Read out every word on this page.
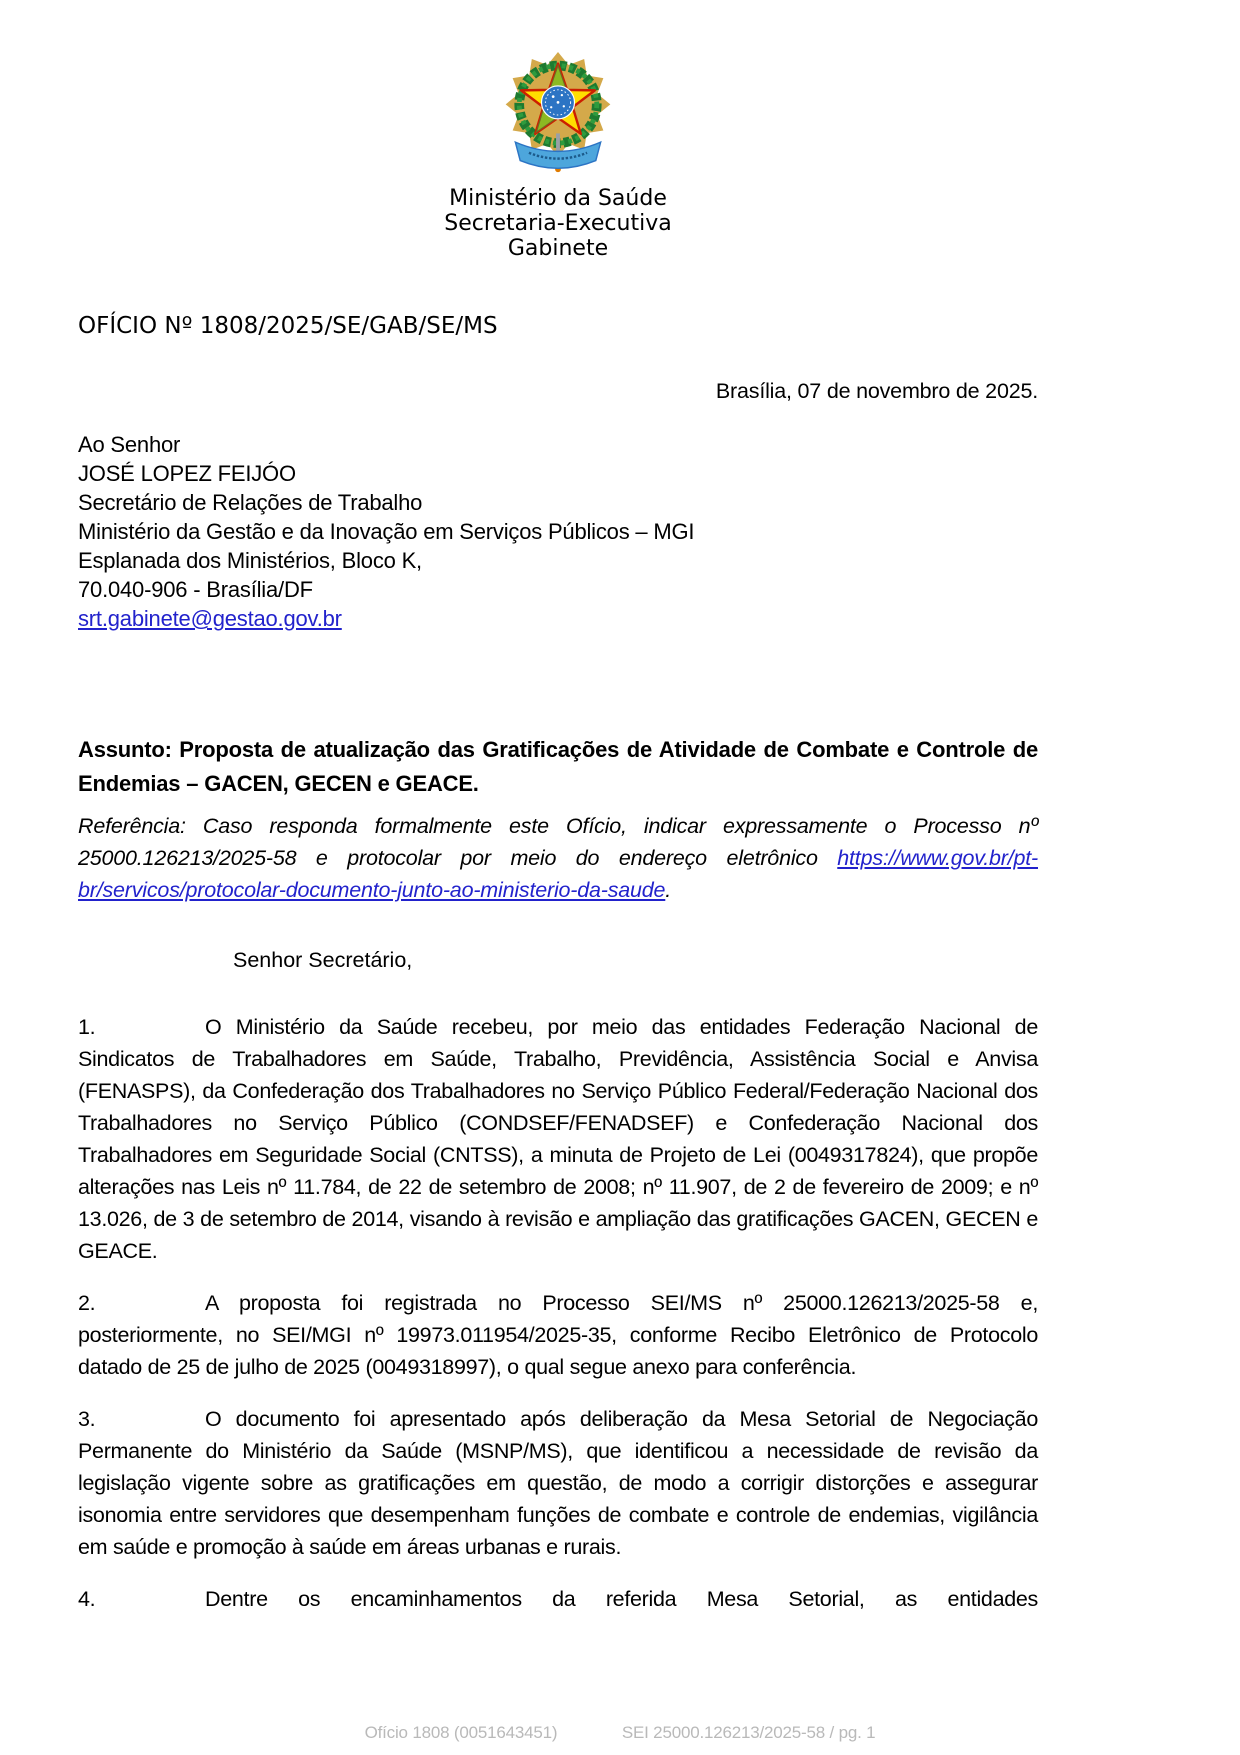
Ministério da Saúde
Secretaria-Executiva
Gabinete
OFÍCIO Nº 1808/2025/SE/GAB/SE/MS
Brasília, 07 de novembro de 2025.
Ao Senhor
JOSÉ LOPEZ FEIJÓO
Secretário de Relações de Trabalho
Ministério da Gestão e da Inovação em Serviços Públicos – MGI
Esplanada dos Ministérios, Bloco K,
70.040-906 - Brasília/DF
srt.gabinete@gestao.gov.br
Assunto: Proposta de atualização das Gratificações de Atividade de Combate e Controle de Endemias – GACEN, GECEN e GEACE.
Referência: Caso responda formalmente este Ofício, indicar expressamente o Processo nº 25000.126213/2025-58 e protocolar por meio do endereço eletrônico https://www.gov.br/pt-br/servicos/protocolar-documento-junto-ao-ministerio-da-saude.
Senhor Secretário,

1.	O Ministério da Saúde recebeu, por meio das entidades Federação Nacional de Sindicatos de Trabalhadores em Saúde, Trabalho, Previdência, Assistência Social e Anvisa (FENASPS), da Confederação dos Trabalhadores no Serviço Público Federal/Federação Nacional dos Trabalhadores no Serviço Público (CONDSEF/FENADSEF) e Confederação Nacional dos Trabalhadores em Seguridade Social (CNTSS), a minuta de Projeto de Lei (0049317824), que propõe alterações nas Leis nº 11.784, de 22 de setembro de 2008; nº 11.907, de 2 de fevereiro de 2009; e nº 13.026, de 3 de setembro de 2014, visando à revisão e ampliação das gratificações GACEN, GECEN e GEACE.

2.	A proposta foi registrada no Processo SEI/MS nº 25000.126213/2025-58 e, posteriormente, no SEI/MGI nº 19973.011954/2025-35, conforme Recibo Eletrônico de Protocolo datado de 25 de julho de 2025 (0049318997), o qual segue anexo para conferência.

3.	O documento foi apresentado após deliberação da Mesa Setorial de Negociação Permanente do Ministério da Saúde (MSNP/MS), que identificou a necessidade de revisão da legislação vigente sobre as gratificações em questão, de modo a corrigir distorções e assegurar isonomia entre servidores que desempenham funções de combate e controle de endemias, vigilância em saúde e promoção à saúde em áreas urbanas e rurais.

4.	Dentre os encaminhamentos da referida Mesa Setorial, as entidades

Ofício 1808 (0051643451)	SEI 25000.126213/2025-58 / pg. 1
